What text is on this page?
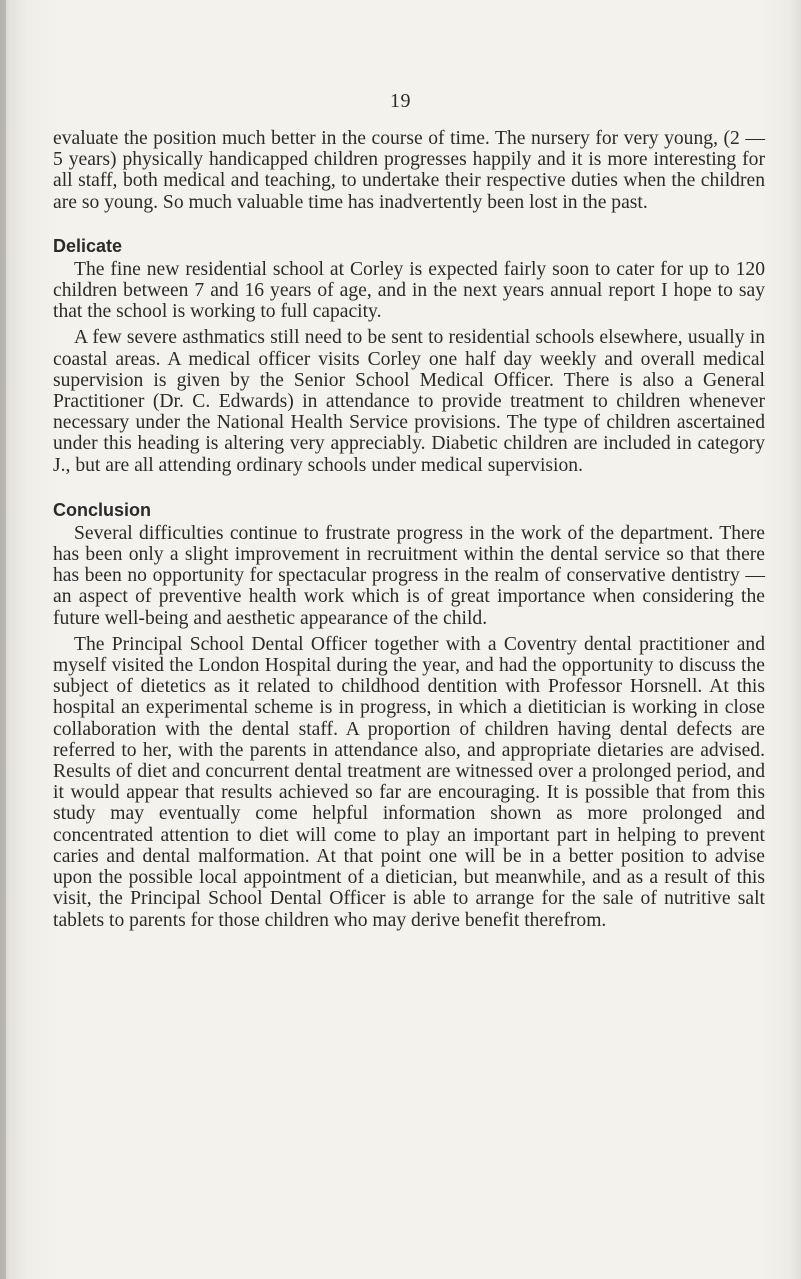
19

evaluate the position much better in the course of time. The nursery for very young, (2 — 5 years) physically handicapped children progresses happily and it is more interesting for all staff, both medical and teaching, to undertake their respective duties when the children are so young. So much valuable time has inadvertently been lost in the past.

Delicate

The fine new residential school at Corley is expected fairly soon to cater for up to 120 children between 7 and 16 years of age, and in the next years annual report I hope to say that the school is working to full capacity.

A few severe asthmatics still need to be sent to residential schools elsewhere, usually in coastal areas. A medical officer visits Corley one half day weekly and overall medical supervision is given by the Senior School Medical Officer. There is also a General Practitioner (Dr. C. Edwards) in attendance to provide treatment to children whenever necessary under the National Health Service provisions. The type of children ascertained under this heading is altering very appreciably. Diabetic children are included in category J., but are all attending ordinary schools under medical supervision.

Conclusion

Several difficulties continue to frustrate progress in the work of the department. There has been only a slight improvement in recruitment within the dental service so that there has been no opportunity for spectacular progress in the realm of conservative dentistry — an aspect of preventive health work which is of great importance when considering the future well-being and aesthetic appearance of the child.

The Principal School Dental Officer together with a Coventry dental practitioner and myself visited the London Hospital during the year, and had the opportunity to discuss the subject of dietetics as it related to childhood dentition with Professor Horsnell. At this hospital an experimental scheme is in progress, in which a dietitician is working in close collaboration with the dental staff. A proportion of children having dental defects are referred to her, with the parents in attendance also, and appropriate dietaries are advised. Results of diet and concurrent dental treatment are witnessed over a prolonged period, and it would appear that results achieved so far are encouraging. It is possible that from this study may eventually come helpful information shown as more prolonged and concentrated attention to diet will come to play an important part in helping to prevent caries and dental malformation. At that point one will be in a better position to advise upon the possible local appointment of a dietician, but meanwhile, and as a result of this visit, the Principal School Dental Officer is able to arrange for the sale of nutritive salt tablets to parents for those children who may derive benefit therefrom.
